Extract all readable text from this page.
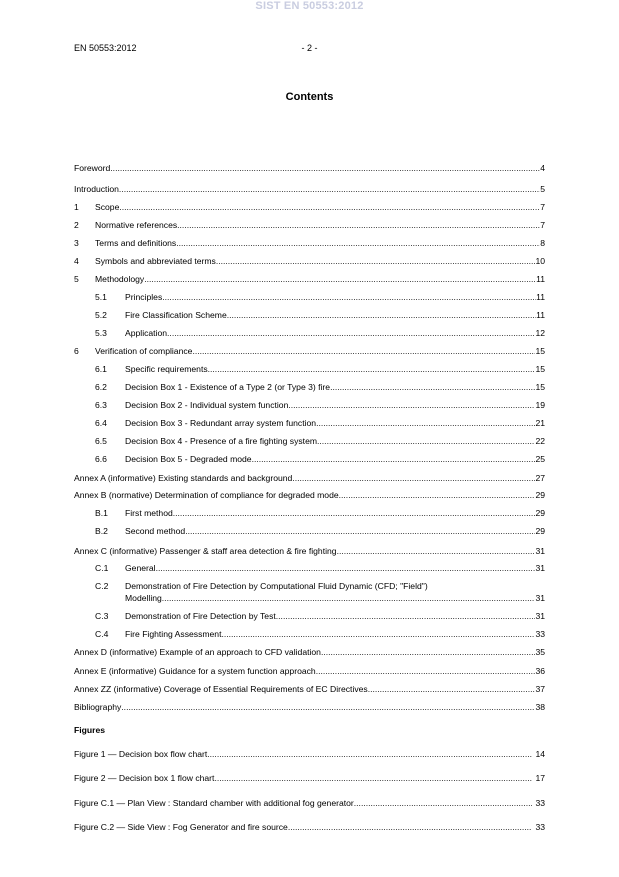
SIST EN 50553:2012
EN 50553:2012	- 2 -
Contents
Foreword .....	4
Introduction .....	5
1	Scope .....	7
2	Normative references .....	7
3	Terms and definitions .....	8
4	Symbols and abbreviated terms .....	10
5	Methodology .....	11
5.1	Principles .....	11
5.2	Fire Classification Scheme .....	11
5.3	Application .....	12
6	Verification of compliance .....	15
6.1	Specific requirements .....	15
6.2	Decision Box 1 - Existence of a Type 2 (or Type 3) fire .....	15
6.3	Decision Box 2 - Individual system function .....	19
6.4	Decision Box 3 - Redundant array system function .....	21
6.5	Decision Box 4 - Presence of a fire fighting system .....	22
6.6	Decision Box 5 - Degraded mode .....	25
Annex A (informative) Existing standards and background .....	27
Annex B (normative) Determination of compliance for degraded mode .....	29
B.1	First method .....	29
B.2	Second method .....	29
Annex C (informative) Passenger & staff area detection & fire fighting .....	31
C.1	General .....	31
C.2 Demonstration of Fire Detection by Computational Fluid Dynamic (CFD; "Field")
Modelling .....	31
C.3	Demonstration of Fire Detection by Test .....	31
C.4	Fire Fighting Assessment .....	33
Annex D (informative) Example of an approach to CFD validation .....	35
Annex E (informative) Guidance for a system function approach .....	36
Annex ZZ (informative) Coverage of Essential Requirements of EC Directives .....	37
Bibliography .....	38
Figures
Figure 1 — Decision box flow chart .....	14
Figure 2 — Decision box 1 flow chart .....	17
Figure C.1 — Plan View : Standard chamber with additional fog generator .....	33
Figure C.2 — Side View : Fog Generator and fire source .....	33
